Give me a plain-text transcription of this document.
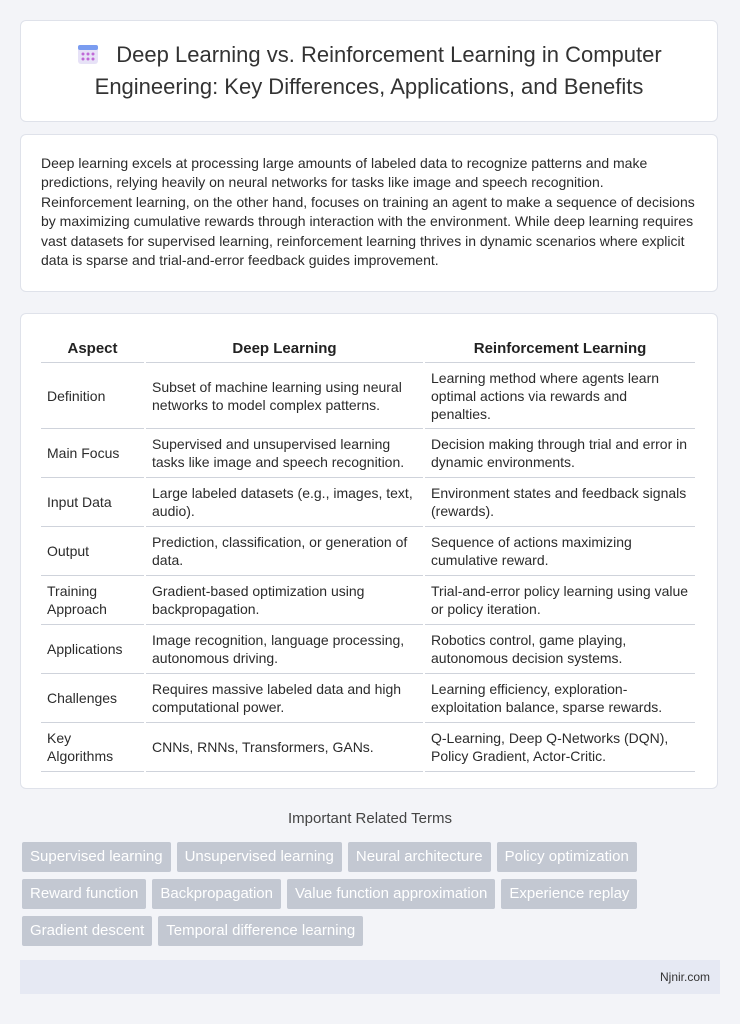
Deep Learning vs. Reinforcement Learning in Computer Engineering: Key Differences, Applications, and Benefits

Deep learning excels at processing large amounts of labeled data to recognize patterns and make predictions, relying heavily on neural networks for tasks like image and speech recognition. Reinforcement learning, on the other hand, focuses on training an agent to make a sequence of decisions by maximizing cumulative rewards through interaction with the environment. While deep learning requires vast datasets for supervised learning, reinforcement learning thrives in dynamic scenarios where explicit data is sparse and trial-and-error feedback guides improvement.

Aspect	Deep Learning	Reinforcement Learning
Definition	Subset of machine learning using neural networks to model complex patterns.	Learning method where agents learn optimal actions via rewards and penalties.
Main Focus	Supervised and unsupervised learning tasks like image and speech recognition.	Decision making through trial and error in dynamic environments.
Input Data	Large labeled datasets (e.g., images, text, audio).	Environment states and feedback signals (rewards).
Output	Prediction, classification, or generation of data.	Sequence of actions maximizing cumulative reward.
Training Approach	Gradient-based optimization using backpropagation.	Trial-and-error policy learning using value or policy iteration.
Applications	Image recognition, language processing, autonomous driving.	Robotics control, game playing, autonomous decision systems.
Challenges	Requires massive labeled data and high computational power.	Learning efficiency, exploration-exploitation balance, sparse rewards.
Key Algorithms	CNNs, RNNs, Transformers, GANs.	Q-Learning, Deep Q-Networks (DQN), Policy Gradient, Actor-Critic.
Important Related Terms
Supervised learning	Unsupervised learning	Neural architecture	Policy optimization
Reward function	Backpropagation	Value function approximation	Experience replay
Gradient descent	Temporal difference learning
Njnir.com
